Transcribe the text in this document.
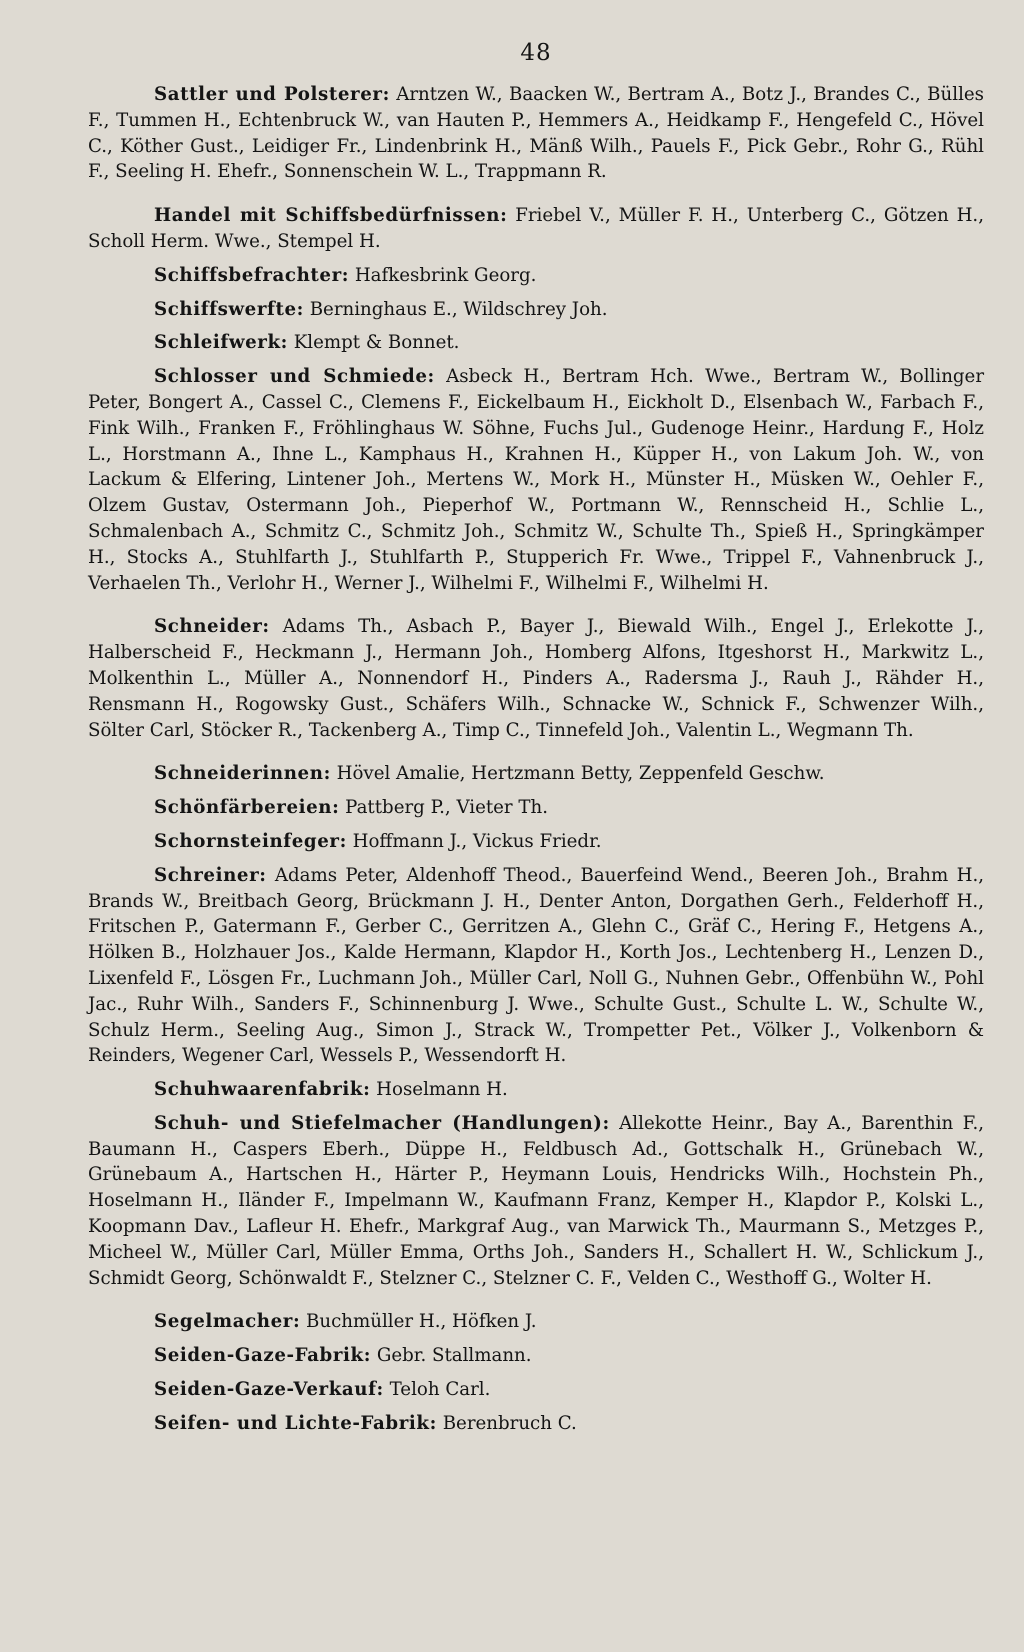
48

Sattler und Polsterer: Arntzen W., Baacken W., Bertram A., Botz J., Brandes C., Bülles F., Tummen H., Echtenbruck W., van Hauten P., Hemmers A., Heidkamp F., Hengefeld C., Hövel C., Köther Gust., Leidiger Fr., Lindenbrink H., Mänß Wilh., Pauels F., Pick Gebr., Rohr G., Rühl F., Seeling H. Ehefr., Sonnenschein W. L., Trappmann R.

Handel mit Schiffsbedürfnissen: Friebel V., Müller F. H., Unterberg C., Götzen H., Scholl Herm. Wwe., Stempel H.

Schiffsbefrachter: Hafkesbrink Georg.

Schiffswerfte: Berninghaus E., Wildschrey Joh.

Schleifwerk: Klempt & Bonnet.

Schlosser und Schmiede: Asbeck H., Bertram Hch. Wwe., Bertram W., Bollinger Peter, Bongert A., Cassel C., Clemens F., Eickelbaum H., Eickholt D., Elsenbach W., Farbach F., Fink Wilh., Franken F., Fröhlinghaus W. Söhne, Fuchs Jul., Gudenoge Heinr., Hardung F., Holz L., Horstmann A., Ihne L., Kamphaus H., Krahnen H., Küpper H., von Lakum Joh. W., von Lackum & Elfering, Lintener Joh., Mertens W., Mork H., Münster H., Müsken W., Oehler F., Olzem Gustav, Ostermann Joh., Pieperhof W., Portmann W., Rennscheid H., Schlie L., Schmalenbach A., Schmitz C., Schmitz Joh., Schmitz W., Schulte Th., Spieß H., Springkämper H., Stocks A., Stuhlfarth J., Stuhlfarth P., Stupperich Fr. Wwe., Trippel F., Vahnenbruck J., Verhaelen Th., Verlohr H., Werner J., Wilhelmi F., Wilhelmi F., Wilhelmi H.

Schneider: Adams Th., Asbach P., Bayer J., Biewald Wilh., Engel J., Erlekotte J., Halberscheid F., Heckmann J., Hermann Joh., Homberg Alfons, Itgeshorst H., Markwitz L., Molkenthin L., Müller A., Nonnendorf H., Pinders A., Radersma J., Rauh J., Rähder H., Rensmann H., Rogowsky Gust., Schäfers Wilh., Schnacke W., Schnick F., Schwenzer Wilh., Sölter Carl, Stöcker R., Tackenberg A., Timp C., Tinnefeld Joh., Valentin L., Wegmann Th.

Schneiderinnen: Hövel Amalie, Hertzmann Betty, Zeppenfeld Geschw.

Schönfärbereien: Pattberg P., Vieter Th.

Schornsteinfeger: Hoffmann J., Vickus Friedr.

Schreiner: Adams Peter, Aldenhoff Theod., Bauerfeind Wend., Beeren Joh., Brahm H., Brands W., Breitbach Georg, Brückmann J. H., Denter Anton, Dorgathen Gerh., Felderhoff H., Fritschen P., Gatermann F., Gerber C., Gerritzen A., Glehn C., Gräf C., Hering F., Hetgens A., Hölken B., Holzhauer Jos., Kalde Hermann, Klapdor H., Korth Jos., Lechtenberg H., Lenzen D., Lixenfeld F., Lösgen Fr., Luchmann Joh., Müller Carl, Noll G., Nuhnen Gebr., Offenbühn W., Pohl Jac., Ruhr Wilh., Sanders F., Schinnenburg J. Wwe., Schulte Gust., Schulte L. W., Schulte W., Schulz Herm., Seeling Aug., Simon J., Strack W., Trompetter Pet., Völker J., Volkenborn & Reinders, Wegener Carl, Wessels P., Wessendorft H.

Schuhwaarenfabrik: Hoselmann H.

Schuh- und Stiefelmacher (Handlungen): Allekotte Heinr., Bay A., Barenthin F., Baumann H., Caspers Eberh., Düppe H., Feldbusch Ad., Gottschalk H., Grünebach W., Grünebaum A., Hartschen H., Härter P., Heymann Louis, Hendricks Wilh., Hochstein Ph., Hoselmann H., Iländer F., Impelmann W., Kaufmann Franz, Kemper H., Klapdor P., Kolski L., Koopmann Dav., Lafleur H. Ehefr., Markgraf Aug., van Marwick Th., Maurmann S., Metzges P., Micheel W., Müller Carl, Müller Emma, Orths Joh., Sanders H., Schallert H. W., Schlickum J., Schmidt Georg, Schönwaldt F., Stelzner C., Stelzner C. F., Velden C., Westhoff G., Wolter H.

Segelmacher: Buchmüller H., Höfken J.

Seiden-Gaze-Fabrik: Gebr. Stallmann.

Seiden-Gaze-Verkauf: Teloh Carl.

Seifen- und Lichte-Fabrik: Berenbruch C.
